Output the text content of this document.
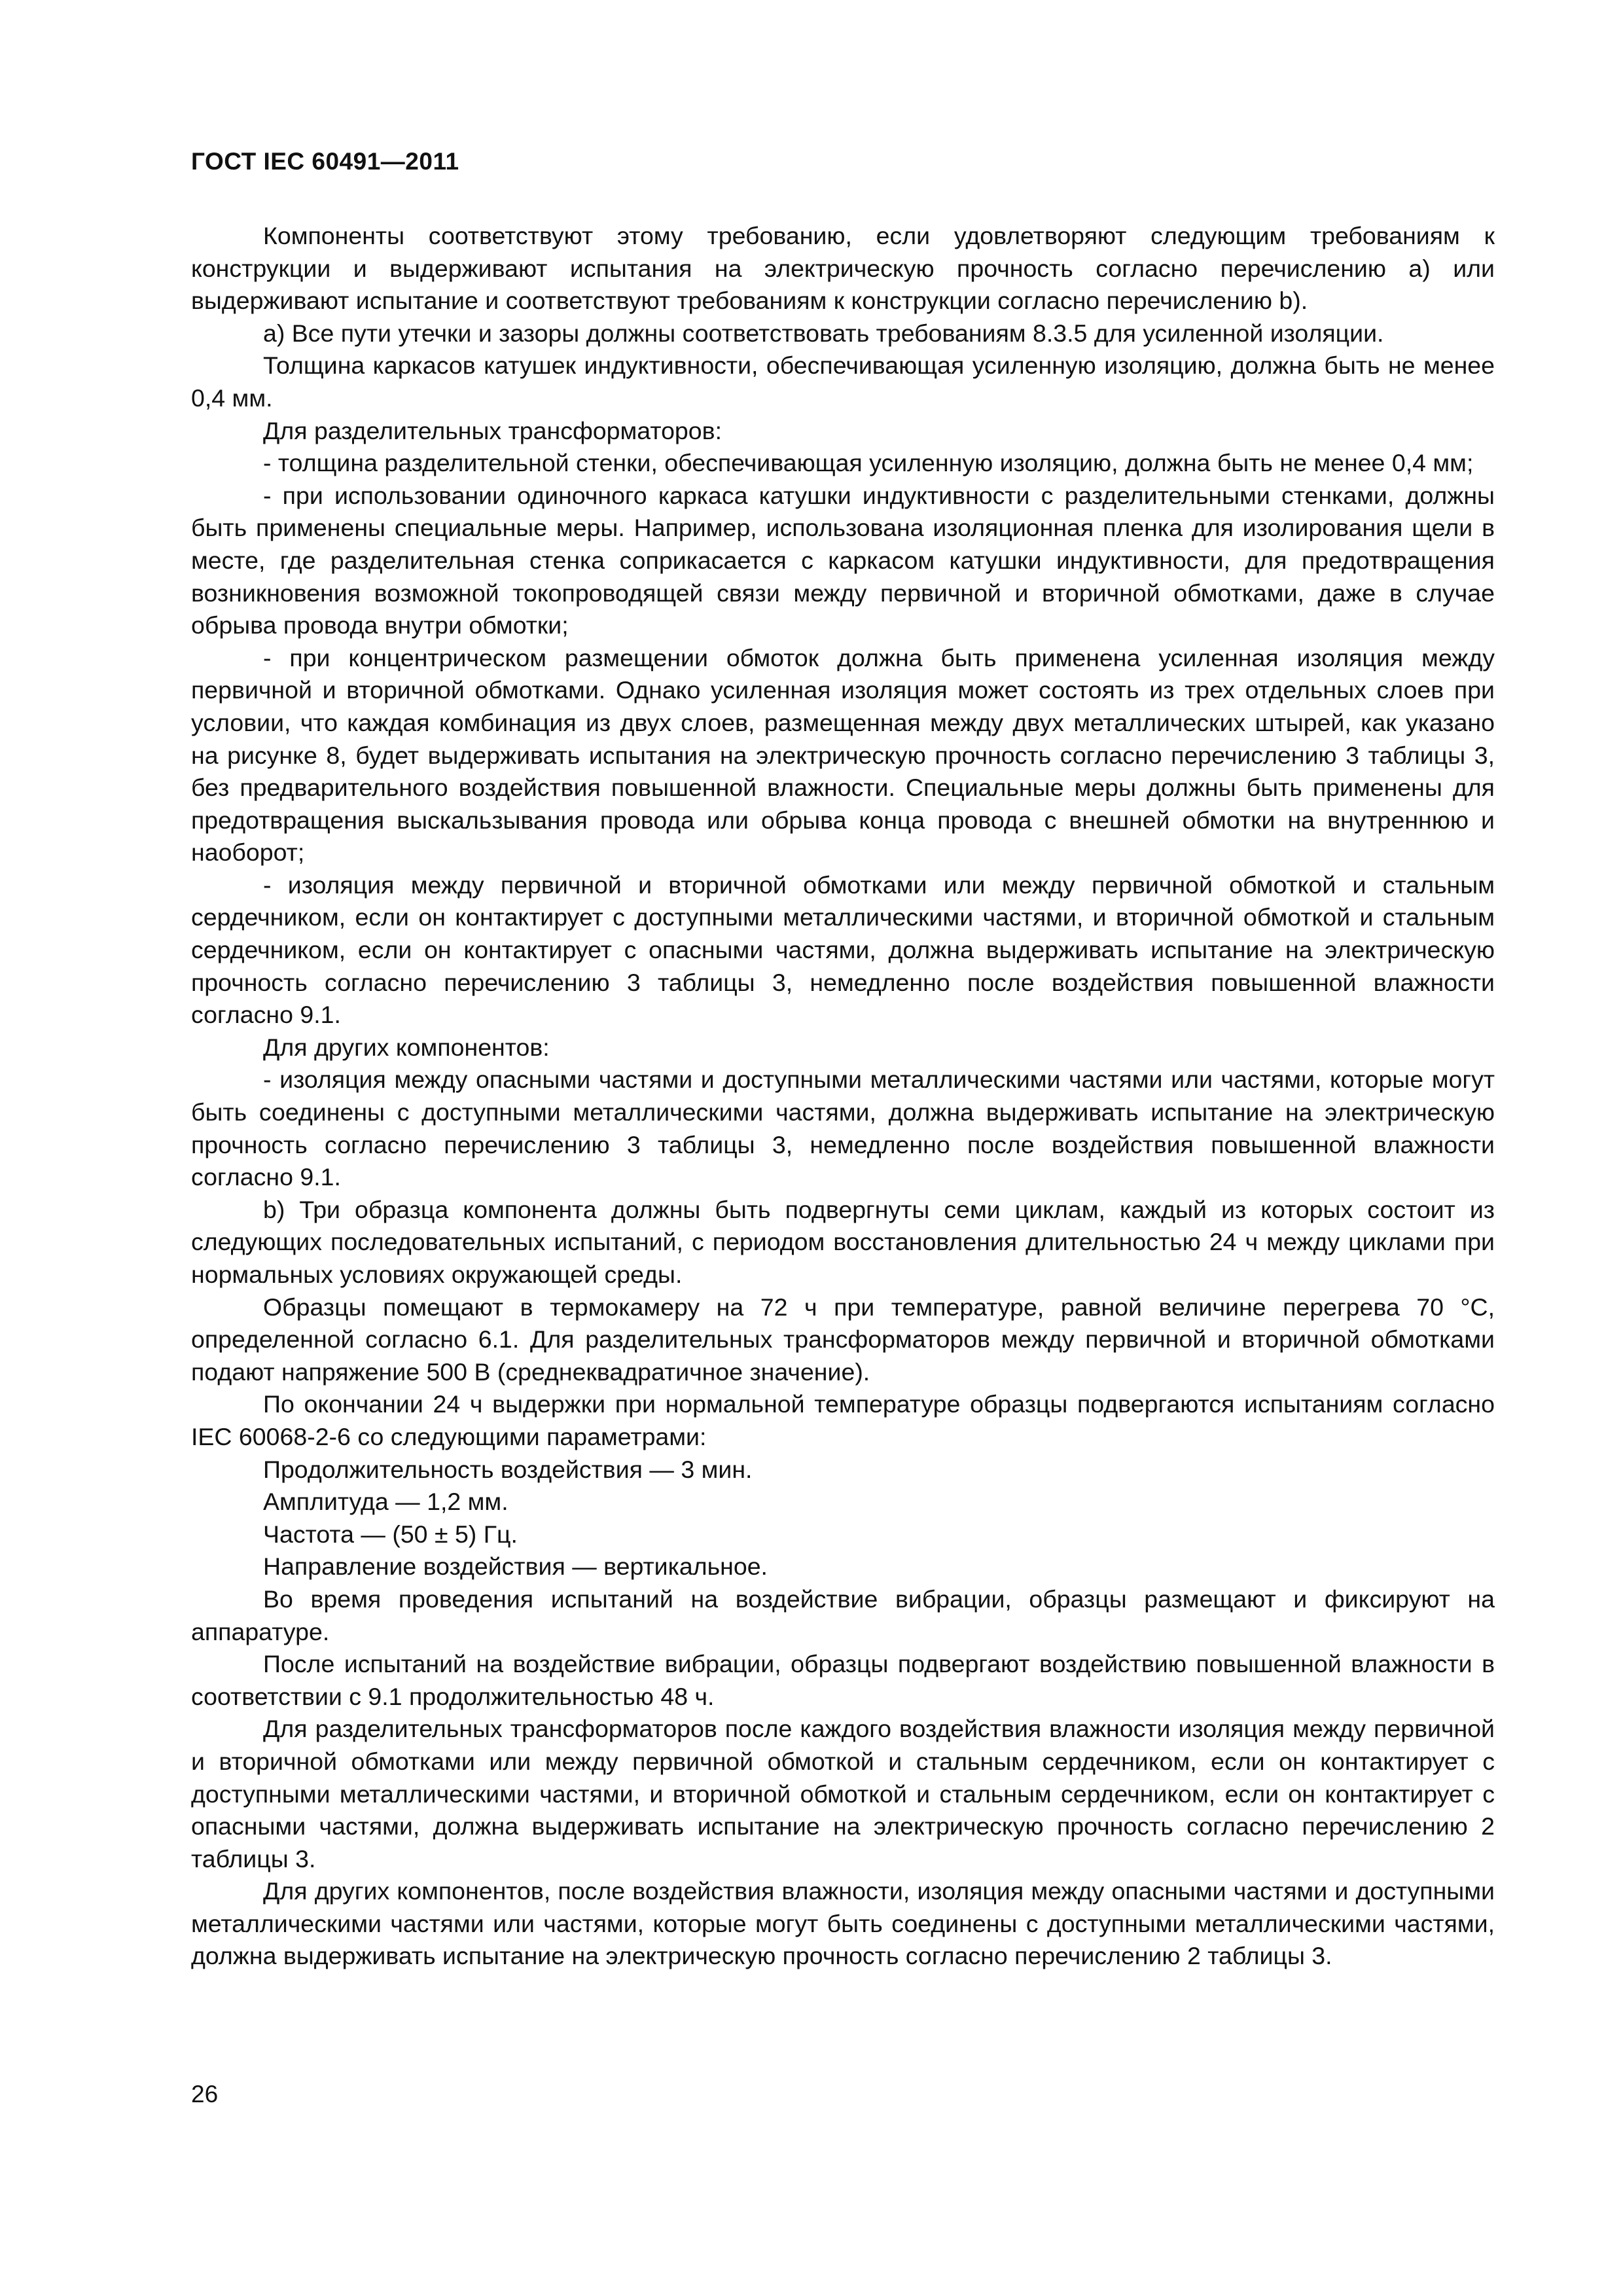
ГОСТ IEC 60491—2011

Компоненты соответствуют этому требованию, если удовлетворяют следующим требованиям к конструкции и выдерживают испытания на электрическую прочность согласно перечислению а) или выдерживают испытание и соответствуют требованиям к конструкции согласно перечислению b).

а) Все пути утечки и зазоры должны соответствовать требованиям 8.3.5 для усиленной изоляции.

Толщина каркасов катушек индуктивности, обеспечивающая усиленную изоляцию, должна быть не менее 0,4 мм.

Для разделительных трансформаторов:

- толщина разделительной стенки, обеспечивающая усиленную изоляцию, должна быть не менее 0,4 мм;

- при использовании одиночного каркаса катушки индуктивности с разделительными стенками, должны быть применены специальные меры. Например, использована изоляционная пленка для изолирования щели в месте, где разделительная стенка соприкасается с каркасом катушки индуктивности, для предотвращения возникновения возможной токопроводящей связи между первичной и вторичной обмотками, даже в случае обрыва провода внутри обмотки;

- при концентрическом размещении обмоток должна быть применена усиленная изоляция между первичной и вторичной обмотками. Однако усиленная изоляция может состоять из трех отдельных слоев при условии, что каждая комбинация из двух слоев, размещенная между двух металлических штырей, как указано на рисунке 8, будет выдерживать испытания на электрическую прочность согласно перечислению 3 таблицы 3, без предварительного воздействия повышенной влажности. Специальные меры должны быть применены для предотвращения выскальзывания провода или обрыва конца провода с внешней обмотки на внутреннюю и наоборот;

- изоляция между первичной и вторичной обмотками или между первичной обмоткой и стальным сердечником, если он контактирует с доступными металлическими частями, и вторичной обмоткой и стальным сердечником, если он контактирует с опасными частями, должна выдерживать испытание на электрическую прочность согласно перечислению 3 таблицы 3, немедленно после воздействия повышенной влажности согласно 9.1.

Для других компонентов:

- изоляция между опасными частями и доступными металлическими частями или частями, которые могут быть соединены с доступными металлическими частями, должна выдерживать испытание на электрическую прочность согласно перечислению 3 таблицы 3, немедленно после воздействия повышенной влажности согласно 9.1.

b) Три образца компонента должны быть подвергнуты семи циклам, каждый из которых состоит из следующих последовательных испытаний, с периодом восстановления длительностью 24 ч между циклами при нормальных условиях окружающей среды.

Образцы помещают в термокамеру на 72 ч при температуре, равной величине перегрева 70 °С, определенной согласно 6.1. Для разделительных трансформаторов между первичной и вторичной обмотками подают напряжение 500 В (среднеквадратичное значение).

По окончании 24 ч выдержки при нормальной температуре образцы подвергаются испытаниям согласно IEC 60068-2-6 со следующими параметрами:

Продолжительность воздействия — 3 мин.

Амплитуда — 1,2 мм.

Частота — (50 ± 5) Гц.

Направление воздействия — вертикальное.

Во время проведения испытаний на воздействие вибрации, образцы размещают и фиксируют на аппаратуре.

После испытаний на воздействие вибрации, образцы подвергают воздействию повышенной влажности в соответствии с 9.1 продолжительностью 48 ч.

Для разделительных трансформаторов после каждого воздействия влажности изоляция между первичной и вторичной обмотками или между первичной обмоткой и стальным сердечником, если он контактирует с доступными металлическими частями, и вторичной обмоткой и стальным сердечником, если он контактирует с опасными частями, должна выдерживать испытание на электрическую прочность согласно перечислению 2 таблицы 3.

Для других компонентов, после воздействия влажности, изоляция между опасными частями и доступными металлическими частями или частями, которые могут быть соединены с доступными металлическими частями, должна выдерживать испытание на электрическую прочность согласно перечислению 2 таблицы 3.

26
